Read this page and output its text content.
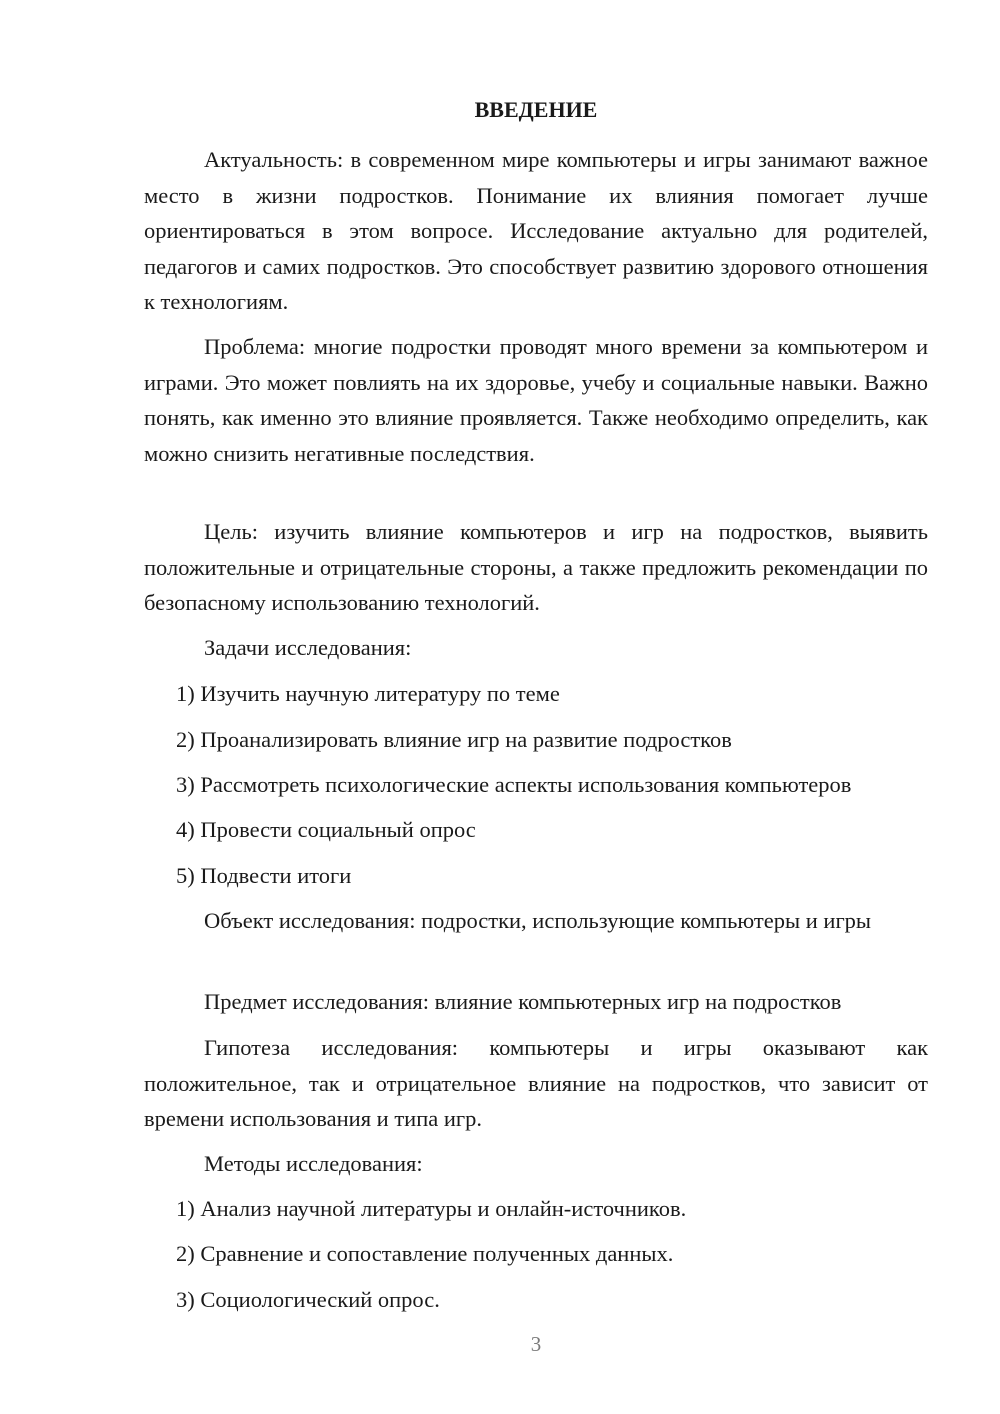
ВВЕДЕНИЕ

Актуальность: в современном мире компьютеры и игры занимают важное место в жизни подростков. Понимание их влияния помогает лучше ориентироваться в этом вопросе. Исследование актуально для родителей, педагогов и самих подростков. Это способствует развитию здорового отношения к технологиям.

Проблема: многие подростки проводят много времени за компьютером и играми. Это может повлиять на их здоровье, учебу и социальные навыки. Важно понять, как именно это влияние проявляется. Также необходимо определить, как можно снизить негативные последствия.

Цель: изучить влияние компьютеров и игр на подростков, выявить положительные и отрицательные стороны, а также предложить рекомендации по безопасному использованию технологий.

Задачи исследования:

1) Изучить научную литературу по теме

2) Проанализировать влияние игр на развитие подростков

3) Рассмотреть психологические аспекты использования компьютеров

4) Провести социальный опрос

5) Подвести итоги

Объект исследования: подростки, использующие компьютеры и игры

Предмет исследования: влияние компьютерных игр на подростков

Гипотеза исследования: компьютеры и игры оказывают как положительное, так и отрицательное влияние на подростков, что зависит от времени использования и типа игр.

Методы исследования:

1) Анализ научной литературы и онлайн-источников.

2) Сравнение и сопоставление полученных данных.

3) Социологический опрос.

3
